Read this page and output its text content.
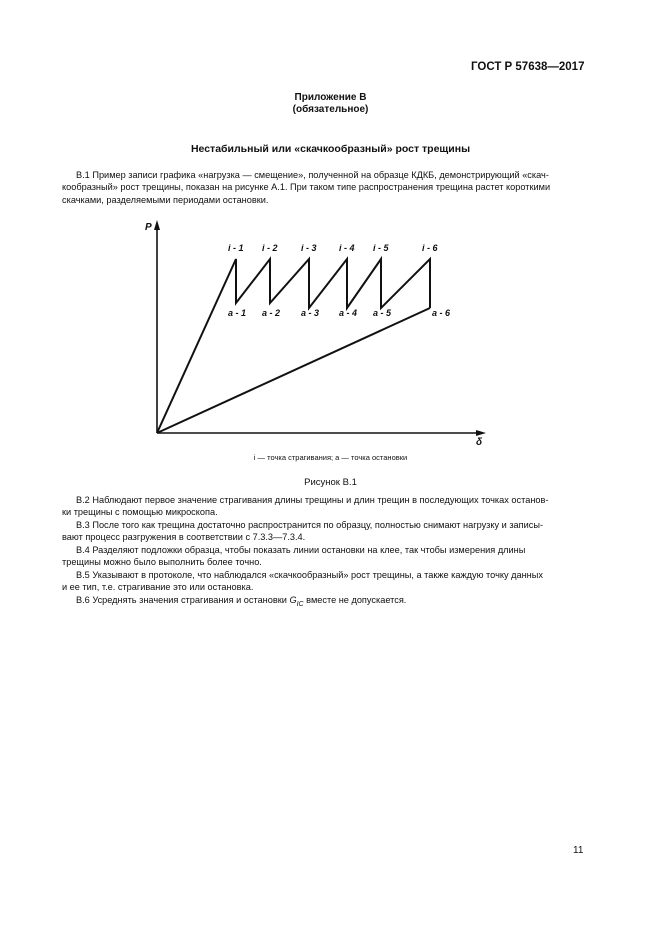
ГОСТ Р 57638—2017
Приложение В
(обязательное)
Нестабильный или «скачкообразный» рост трещины
В.1 Пример записи графика «нагрузка — смещение», полученной на образце КДКБ, демонстрирующий «скач-
кообразный» рост трещины, показан на рисунке А.1. При таком типе распространения трещина растет короткими
скачками, разделяемыми периодами остановки.
P
δ
i - 1 i - 2	i - 3 i - 4 i - 5	i - 6
a - 1 a - 2 a - 3 a - 4 a - 5	a - 6
i — точка страгивания; a — точка остановки
Рисунок В.1
В.2 Наблюдают первое значение страгивания длины трещины и длин трещин в последующих точках останов-
ки трещины с помощью микроскопа.
В.3 После того как трещина достаточно распространится по образцу, полностью снимают нагрузку и записы-
вают процесс разгружения в соответствии с 7.3.3—7.3.4.
В.4 Разделяют подложки образца, чтобы показать линии остановки на клее, так чтобы измерения длины
трещины можно было выполнить более точно.
В.5 Указывают в протоколе, что наблюдался «скачкообразный» рост трещины, а также каждую точку данных
и ее тип, т.е. страгивание это или остановка.
В.6 Усреднять значения страгивания и остановки $G_{IC}$ вместе не допускается.
11
